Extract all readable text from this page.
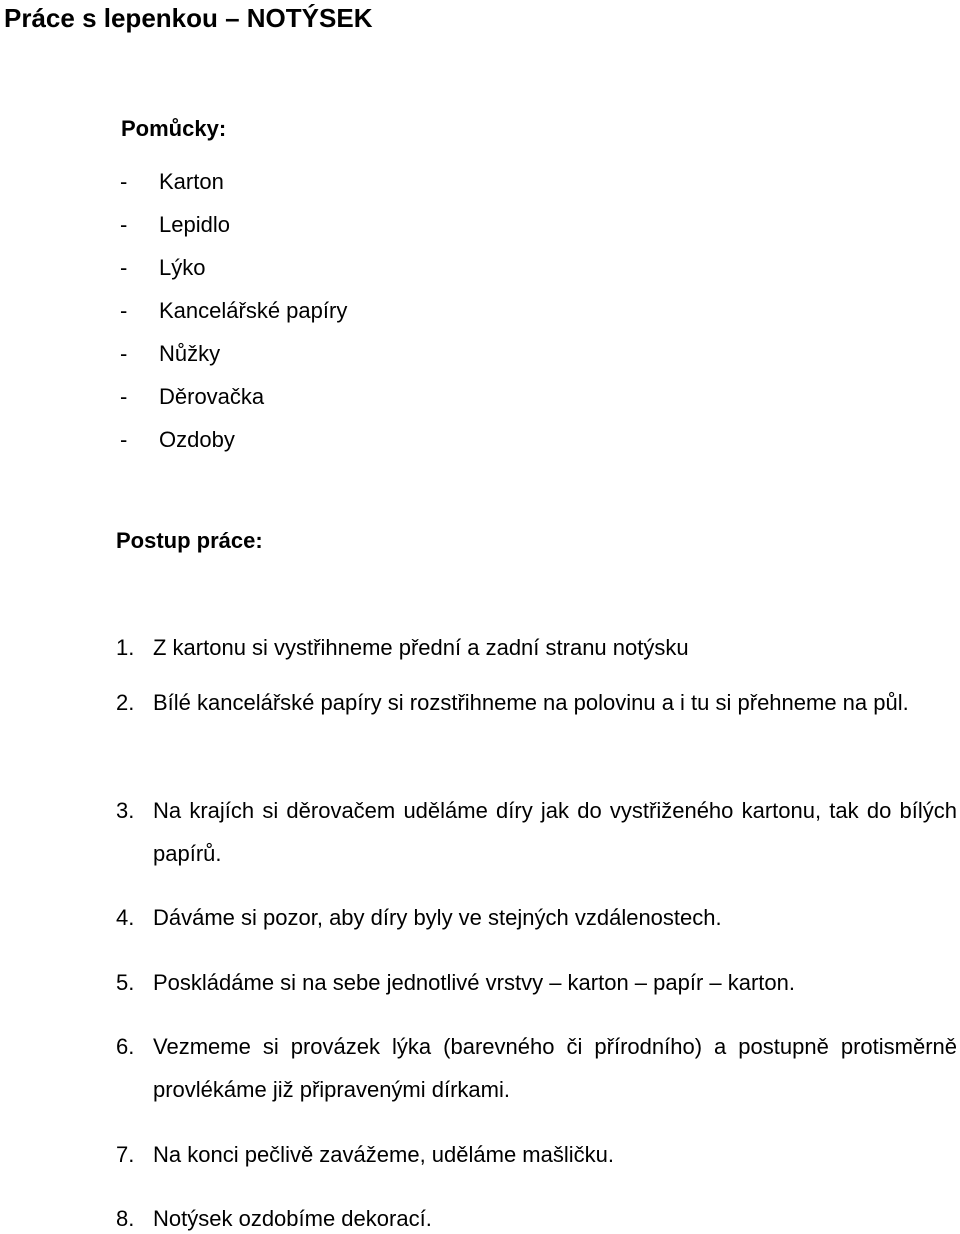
Práce s lepenkou – NOTÝSEK
Pomůcky:
- Karton
- Lepidlo
- Lýko
- Kancelářské papíry
- Nůžky
- Děrovačka
- Ozdoby
Postup práce:
1. Z kartonu si vystřihneme přední a zadní stranu notýsku
2. Bílé kancelářské papíry si rozstřihneme na polovinu a i tu si přehneme na půl.
3. Na krajích si děrovačem uděláme díry jak do vystřiženého kartonu, tak do bílých papírů.
4. Dáváme si pozor, aby díry byly ve stejných vzdálenostech.
5. Poskládáme si na sebe jednotlivé vrstvy – karton – papír – karton.
6. Vezmeme si provázek lýka (barevného či přírodního) a postupně protisměrně provlékáme již připravenými dírkami.
7. Na konci pečlivě zavážeme, uděláme mašličku.
8. Notýsek ozdobíme dekorací.
